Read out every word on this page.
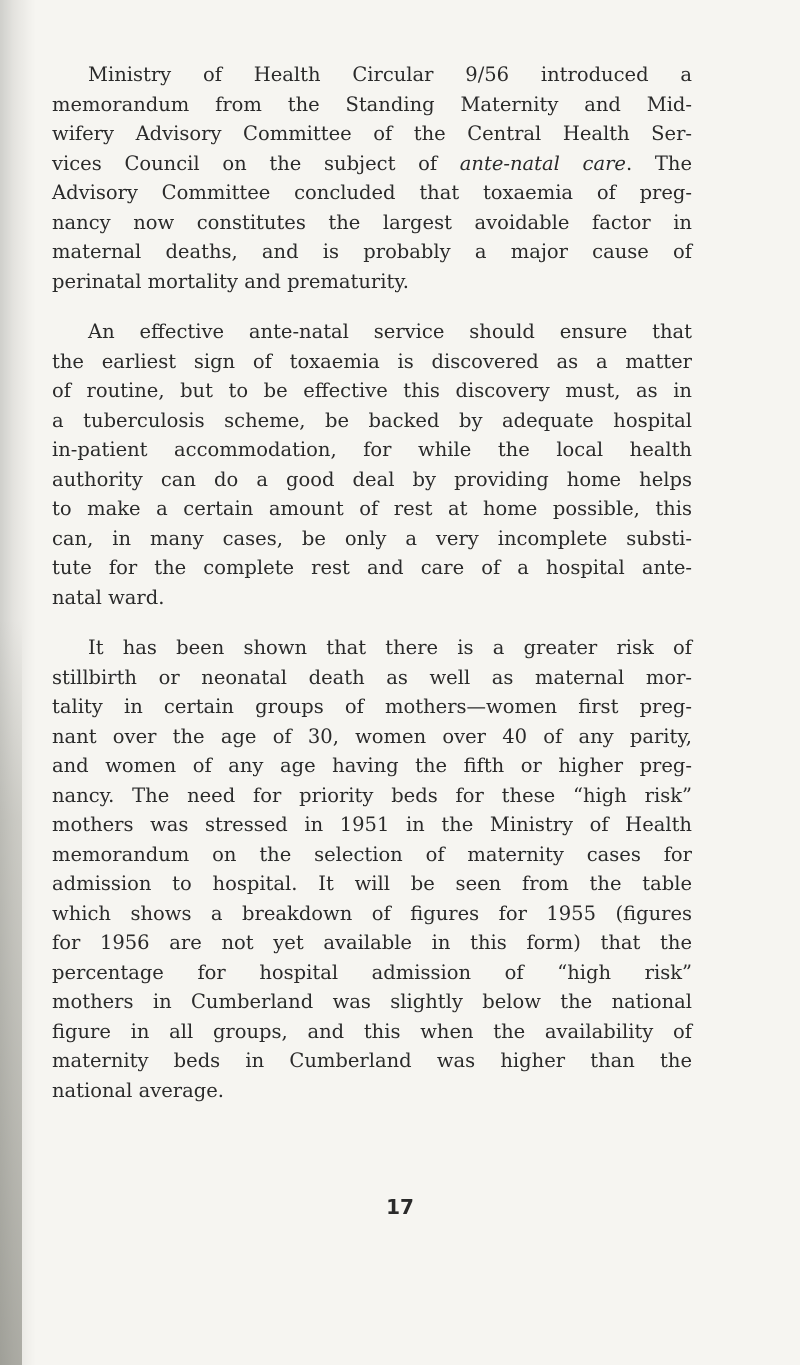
Ministry of Health Circular 9/56 introduced a
memorandum from the Standing Maternity and Mid-
wifery Advisory Committee of the Central Health Ser-
vices Council on the subject of ante-natal care. The
Advisory Committee concluded that toxaemia of preg-
nancy now constitutes the largest avoidable factor in
maternal deaths, and is probably a major cause of
perinatal mortality and prematurity.
An effective ante-natal service should ensure that
the earliest sign of toxaemia is discovered as a matter
of routine, but to be effective this discovery must, as in
a tuberculosis scheme, be backed by adequate hospital
in-patient accommodation, for while the local health
authority can do a good deal by providing home helps
to make a certain amount of rest at home possible, this
can, in many cases, be only a very incomplete substi-
tute for the complete rest and care of a hospital ante-
natal ward.
It has been shown that there is a greater risk of
stillbirth or neonatal death as well as maternal mor-
tality in certain groups of mothers—women first preg-
nant over the age of 30, women over 40 of any parity,
and women of any age having the fifth or higher preg-
nancy. The need for priority beds for these “high risk”
mothers was stressed in 1951 in the Ministry of Health
memorandum on the selection of maternity cases for
admission to hospital. It will be seen from the table
which shows a breakdown of figures for 1955 (figures
for 1956 are not yet available in this form) that the
percentage for hospital admission of “high risk”
mothers in Cumberland was slightly below the national
figure in all groups, and this when the availability of
maternity beds in Cumberland was higher than the
national average.
17
